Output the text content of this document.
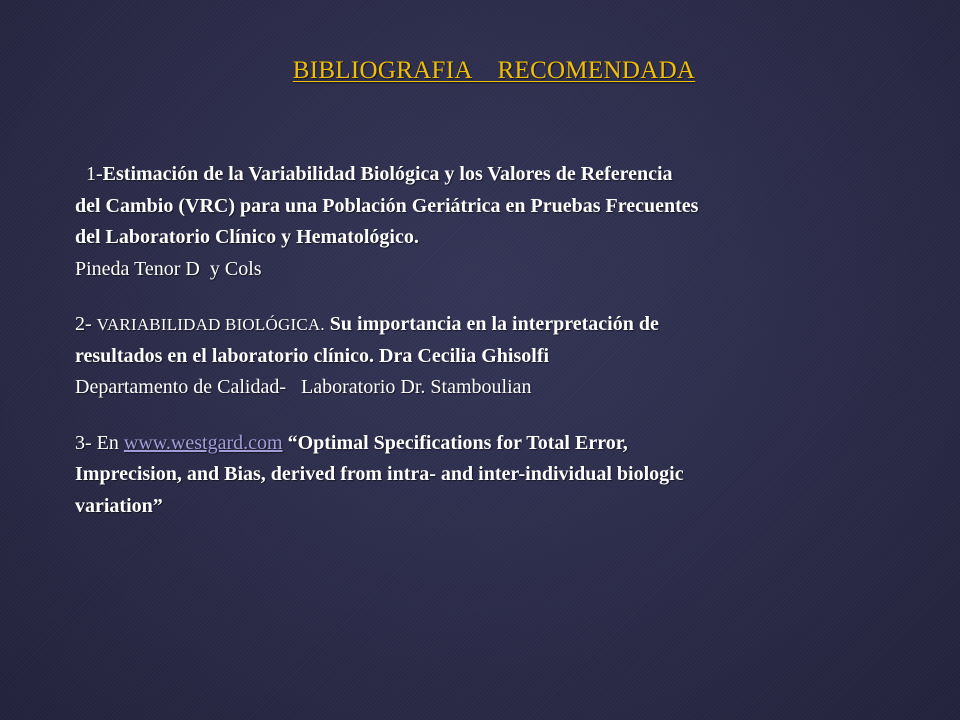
BIBLIOGRAFIA    RECOMENDADA
1-Estimación de la Variabilidad Biológica y los Valores de Referencia
del Cambio (VRC) para una Población Geriátrica en Pruebas Frecuentes
del Laboratorio Clínico y Hematológico.
Pineda Tenor D  y Cols
2- VARIABILIDAD BIOLÓGICA. Su importancia en la interpretación de
resultados en el laboratorio clínico. Dra Cecilia Ghisolfi
Departamento de Calidad-   Laboratorio Dr. Stamboulian
3- En www.westgard.com “Optimal Specifications for Total Error,
Imprecision, and Bias, derived from intra- and inter-individual biologic
variation”
